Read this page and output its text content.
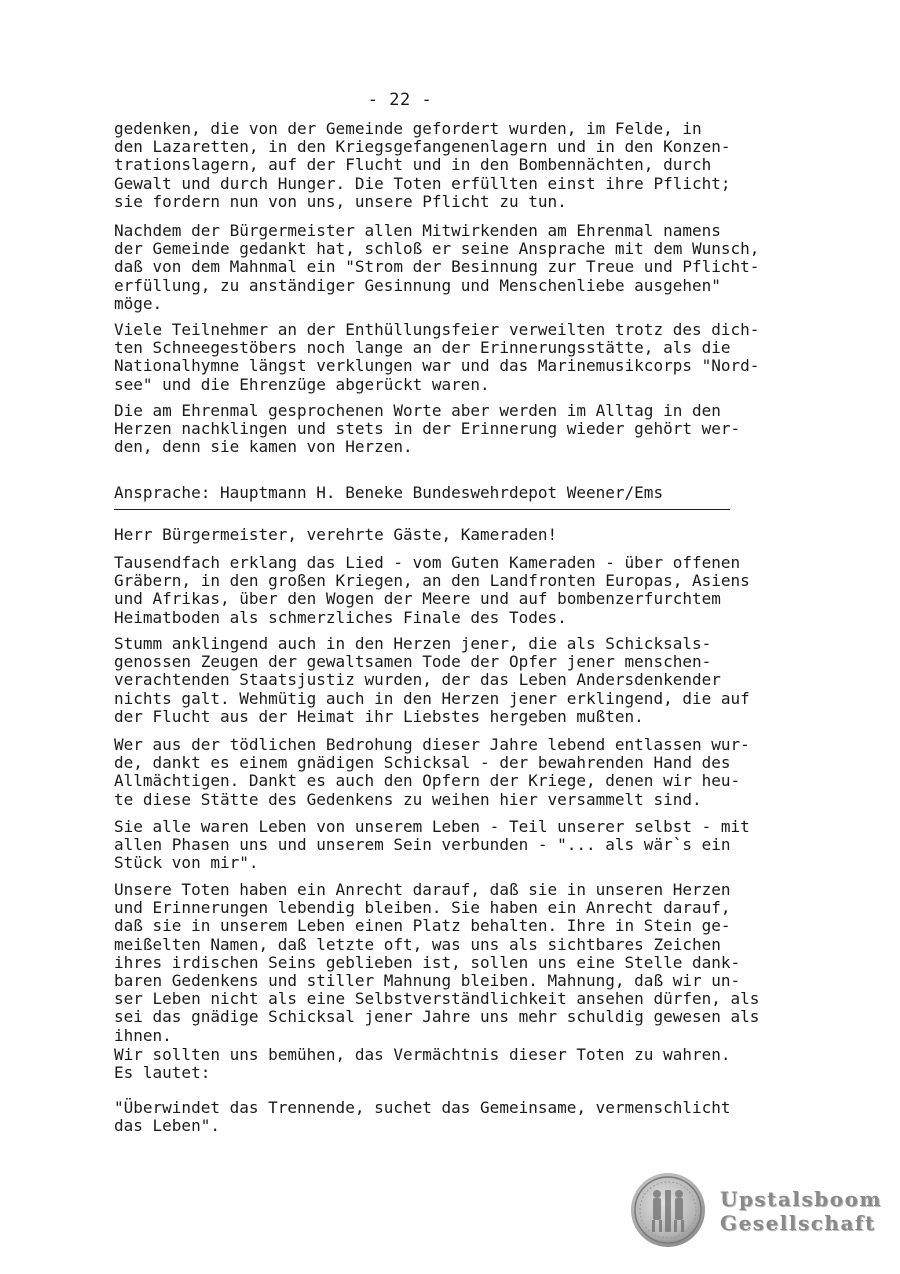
- 22 -

gedenken, die von der Gemeinde gefordert wurden, im Felde, in
den Lazaretten, in den Kriegsgefangenenlagern und in den Konzen-
trationslagern, auf der Flucht und in den Bombennächten, durch
Gewalt und durch Hunger. Die Toten erfüllten einst ihre Pflicht;
sie fordern nun von uns, unsere Pflicht zu tun.

Nachdem der Bürgermeister allen Mitwirkenden am Ehrenmal namens
der Gemeinde gedankt hat, schloß er seine Ansprache mit dem Wunsch,
daß von dem Mahnmal ein "Strom der Besinnung zur Treue und Pflicht-
erfüllung, zu anständiger Gesinnung und Menschenliebe ausgehen"
möge.

Viele Teilnehmer an der Enthüllungsfeier verweilten trotz des dich-
ten Schneegestöbers noch lange an der Erinnerungsstätte, als die
Nationalhymne längst verklungen war und das Marinemusikcorps "Nord-
see" und die Ehrenzüge abgerückt waren.

Die am Ehrenmal gesprochenen Worte aber werden im Alltag in den
Herzen nachklingen und stets in der Erinnerung wieder gehört wer-
den, denn sie kamen von Herzen.

Ansprache: Hauptmann H. Beneke Bundeswehrdepot Weener/Ems

Herr Bürgermeister, verehrte Gäste, Kameraden!

Tausendfach erklang das Lied - vom Guten Kameraden - über offenen
Gräbern, in den großen Kriegen, an den Landfronten Europas, Asiens
und Afrikas, über den Wogen der Meere und auf bombenzerfurchtem
Heimatboden als schmerzliches Finale des Todes.

Stumm anklingend auch in den Herzen jener, die als Schicksals-
genossen Zeugen der gewaltsamen Tode der Opfer jener menschen-
verachtenden Staatsjustiz wurden, der das Leben Andersdenkender
nichts galt. Wehmütig auch in den Herzen jener erklingend, die auf
der Flucht aus der Heimat ihr Liebstes hergeben mußten.

Wer aus der tödlichen Bedrohung dieser Jahre lebend entlassen wur-
de, dankt es einem gnädigen Schicksal - der bewahrenden Hand des
Allmächtigen. Dankt es auch den Opfern der Kriege, denen wir heu-
te diese Stätte des Gedenkens zu weihen hier versammelt sind.

Sie alle waren Leben von unserem Leben - Teil unserer selbst - mit
allen Phasen uns und unserem Sein verbunden - "... als wär`s ein
Stück von mir".

Unsere Toten haben ein Anrecht darauf, daß sie in unseren Herzen
und Erinnerungen lebendig bleiben. Sie haben ein Anrecht darauf,
daß sie in unserem Leben einen Platz behalten. Ihre in Stein ge-
meißelten Namen, daß letzte oft, was uns als sichtbares Zeichen
ihres irdischen Seins geblieben ist, sollen uns eine Stelle dank-
baren Gedenkens und stiller Mahnung bleiben. Mahnung, daß wir un-
ser Leben nicht als eine Selbstverständlichkeit ansehen dürfen, als
sei das gnädige Schicksal jener Jahre uns mehr schuldig gewesen als
ihnen.

Wir sollten uns bemühen, das Vermächtnis dieser Toten zu wahren.
Es lautet:

"Überwindet das Trennende, suchet das Gemeinsame, vermenschlicht
das Leben".

Upstalsboom
Gesellschaft
